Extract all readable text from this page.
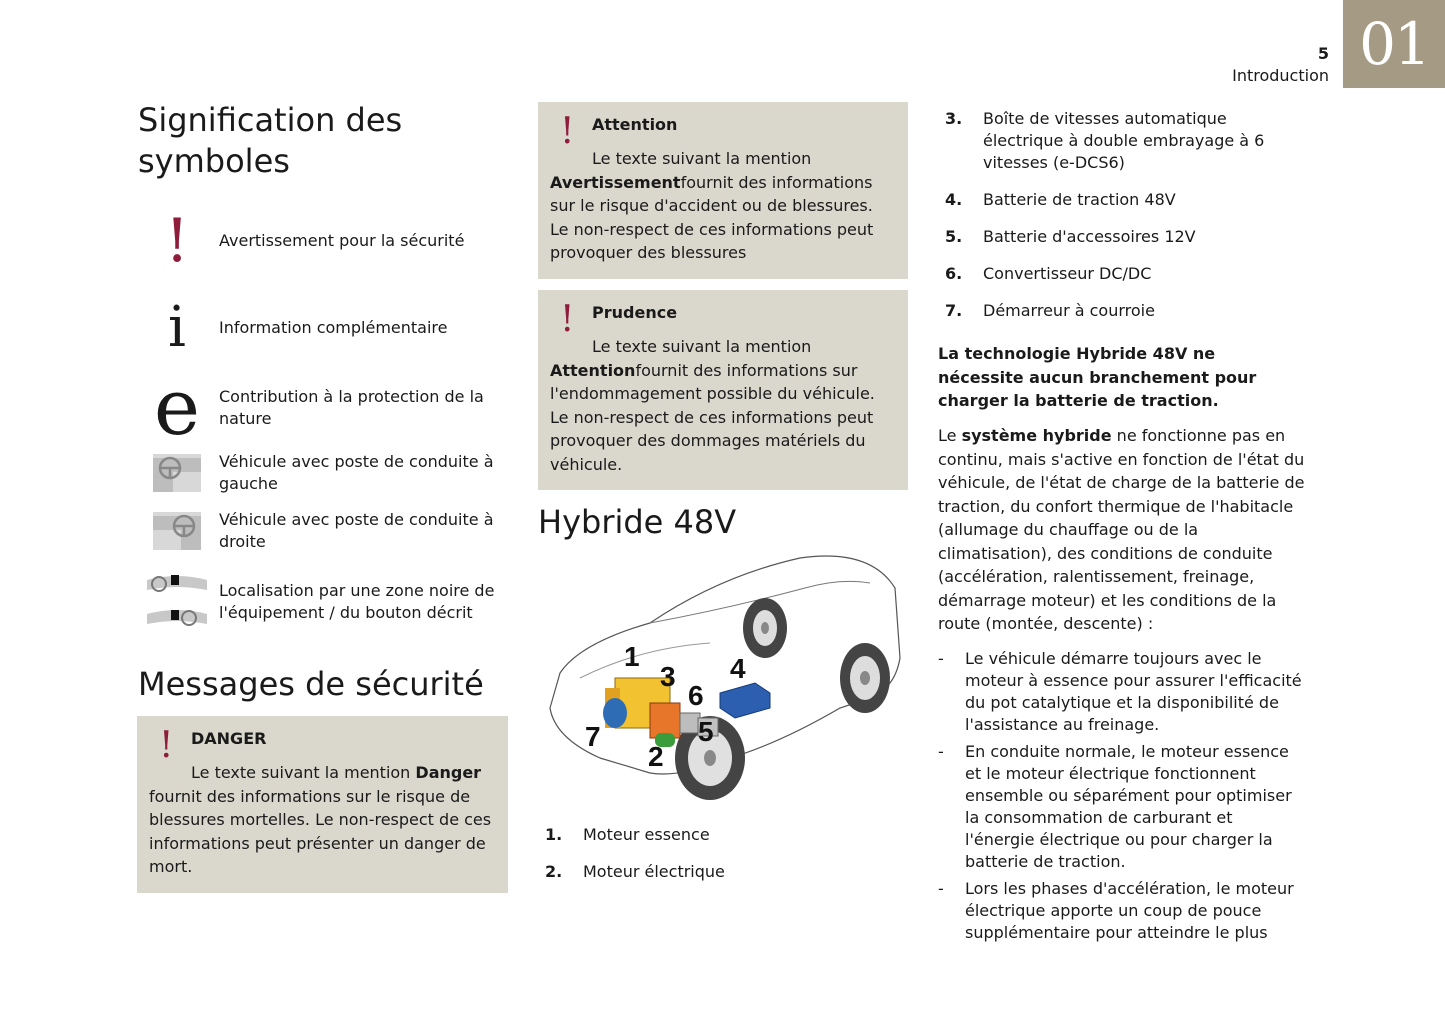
01
5
Introduction
Signification des symboles
! Avertissement pour la sécurité
i Information complémentaire
e Contribution à la protection de la nature
Véhicule avec poste de conduite à gauche
Véhicule avec poste de conduite à droite
Localisation par une zone noire de l'équipement / du bouton décrit
Messages de sécurité
! DANGER
Le texte suivant la mention Danger fournit des informations sur le risque de blessures mortelles. Le non-respect de ces informations peut présenter un danger de mort.
! Attention
Le texte suivant la mention Avertissementfournit des informations sur le risque d'accident ou de blessures. Le non-respect de ces informations peut provoquer des blessures
! Prudence
Le texte suivant la mention Attentionfournit des informations sur l'endommagement possible du véhicule. Le non-respect de ces informations peut provoquer des dommages matériels du véhicule.
Hybride 48V
1
2
3 4
5
6
7
1.	Moteur essence
2.	Moteur électrique
3.	Boîte de vitesses automatique électrique à double embrayage à 6 vitesses (e-DCS6)
4.	Batterie de traction 48V
5.	Batterie d'accessoires 12V
6.	Convertisseur DC/DC
7.	Démarreur à courroie
La technologie Hybride 48V ne nécessite aucun branchement pour charger la batterie de traction.
Le système hybride ne fonctionne pas en continu, mais s'active en fonction de l'état du véhicule, de l'état de charge de la batterie de traction, du confort thermique de l'habitacle (allumage du chauffage ou de la climatisation), des conditions de conduite (accélération, ralentissement, freinage, démarrage moteur) et les conditions de la route (montée, descente) :
-	Le véhicule démarre toujours avec le moteur à essence pour assurer l'efficacité du pot catalytique et la disponibilité de l'assistance au freinage.
-	En conduite normale, le moteur essence et le moteur électrique fonctionnent ensemble ou séparément pour optimiser la consommation de carburant et l'énergie électrique ou pour charger la batterie de traction.
-	Lors les phases d'accélération, le moteur électrique apporte un coup de pouce supplémentaire pour atteindre le plus
